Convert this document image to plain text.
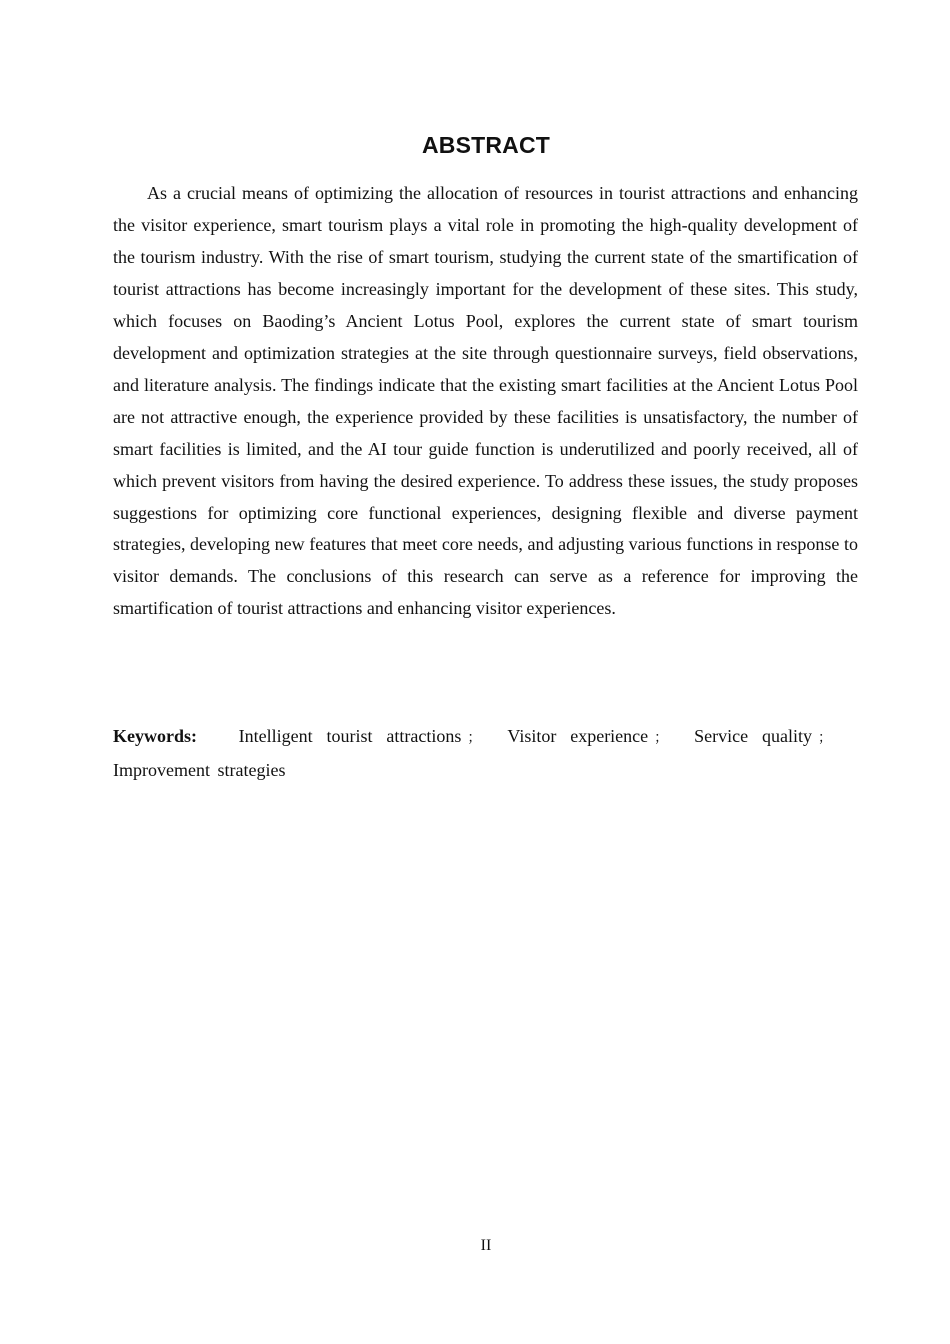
ABSTRACT

As a crucial means of optimizing the allocation of resources in tourist attractions and enhancing the visitor experience, smart tourism plays a vital role in promoting the high-quality development of the tourism industry. With the rise of smart tourism, studying the current state of the smartification of tourist attractions has become increasingly important for the development of these sites. This study, which focuses on Baoding’s Ancient Lotus Pool, explores the current state of smart tourism development and optimization strategies at the site through questionnaire surveys, field observations, and literature analysis. The findings indicate that the existing smart facilities at the Ancient Lotus Pool are not attractive enough, the experience provided by these facilities is unsatisfactory, the number of smart facilities is limited, and the AI tour guide function is underutilized and poorly received, all of which prevent visitors from having the desired experience. To address these issues, the study proposes suggestions for optimizing core functional experiences, designing flexible and diverse payment strategies, developing new features that meet core needs, and adjusting various functions in response to visitor demands. The conclusions of this research can serve as a reference for improving the smartification of tourist attractions and enhancing visitor experiences.

Keywords: Intelligent tourist attractions ； Visitor experience ； Service quality ；Improvement strategies

II
